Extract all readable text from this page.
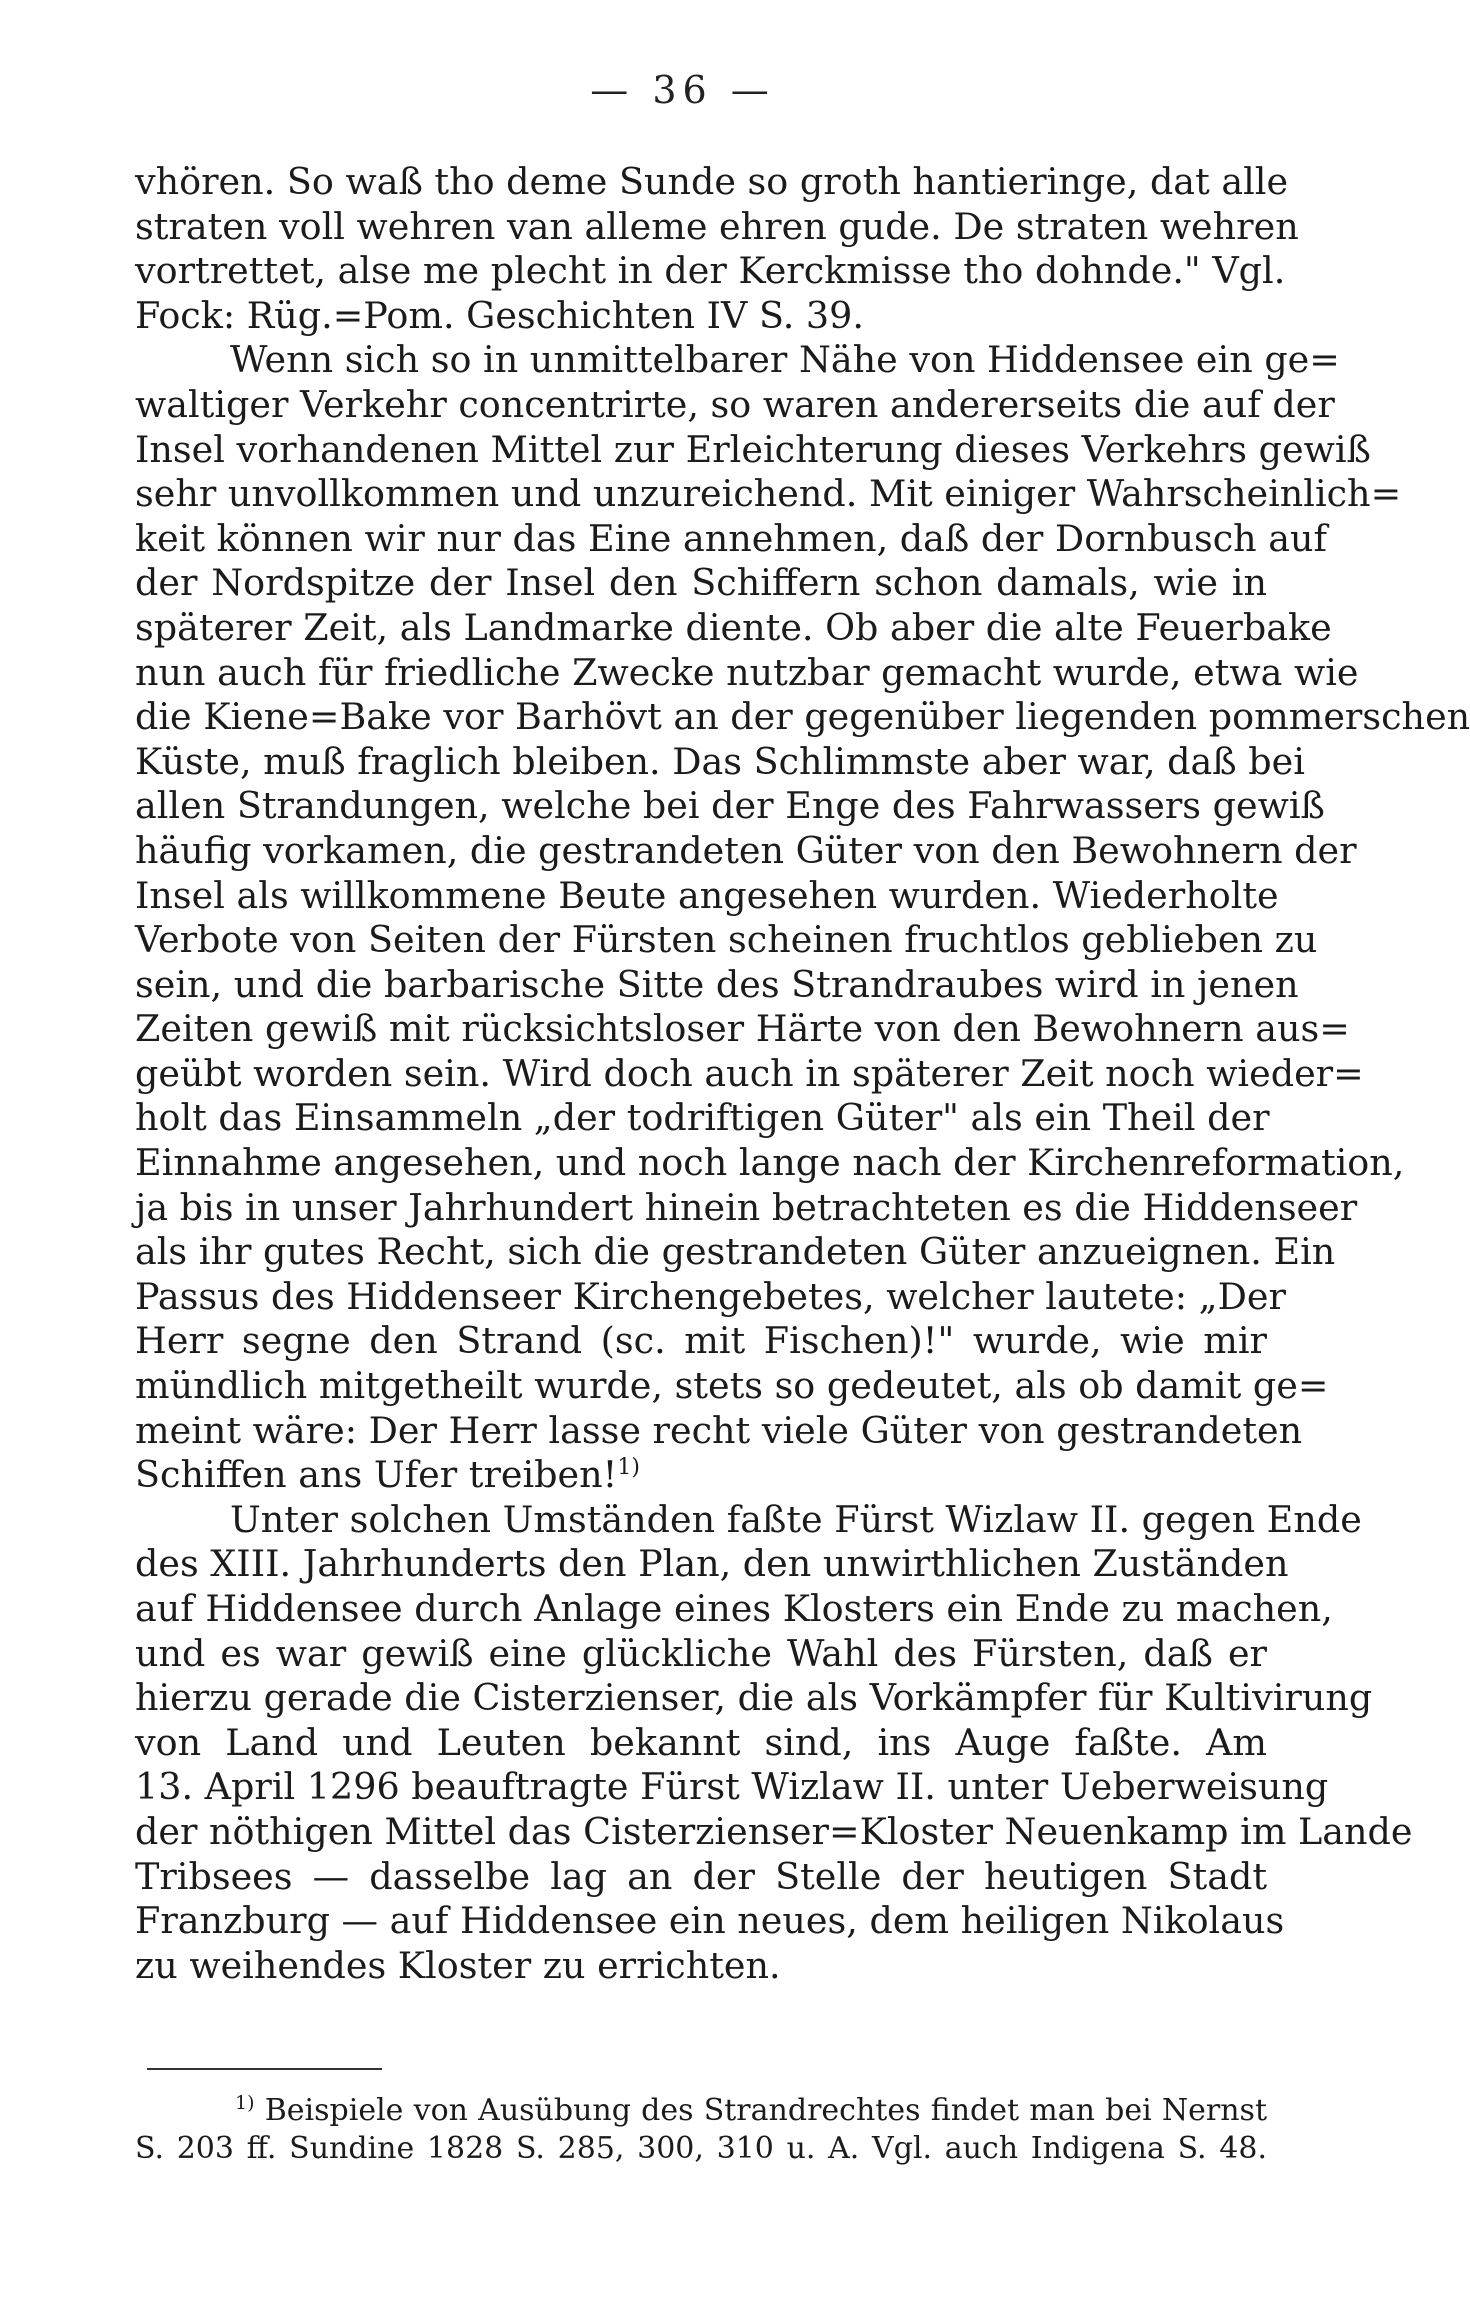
— 36 —
vhören. So waß tho deme Sunde so groth hantieringe, dat alle
straten voll wehren van alleme ehren gude. De straten wehren
vortrettet, alse me plecht in der Kerckmisse tho dohnde." Vgl.
Fock: Rüg.=Pom. Geschichten IV S. 39.
Wenn sich so in unmittelbarer Nähe von Hiddensee ein ge=
waltiger Verkehr concentrirte, so waren andererseits die auf der
Insel vorhandenen Mittel zur Erleichterung dieses Verkehrs gewiß
sehr unvollkommen und unzureichend. Mit einiger Wahrscheinlich=
keit können wir nur das Eine annehmen, daß der Dornbusch auf
der Nordspitze der Insel den Schiffern schon damals, wie in
späterer Zeit, als Landmarke diente. Ob aber die alte Feuerbake
nun auch für friedliche Zwecke nutzbar gemacht wurde, etwa wie
die Kiene=Bake vor Barhövt an der gegenüber liegenden pommerschen
Küste, muß fraglich bleiben. Das Schlimmste aber war, daß bei
allen Strandungen, welche bei der Enge des Fahrwassers gewiß
häufig vorkamen, die gestrandeten Güter von den Bewohnern der
Insel als willkommene Beute angesehen wurden. Wiederholte
Verbote von Seiten der Fürsten scheinen fruchtlos geblieben zu
sein, und die barbarische Sitte des Strandraubes wird in jenen
Zeiten gewiß mit rücksichtsloser Härte von den Bewohnern aus=
geübt worden sein. Wird doch auch in späterer Zeit noch wieder=
holt das Einsammeln „der todriftigen Güter" als ein Theil der
Einnahme angesehen, und noch lange nach der Kirchenreformation,
ja bis in unser Jahrhundert hinein betrachteten es die Hiddenseer
als ihr gutes Recht, sich die gestrandeten Güter anzueignen. Ein
Passus des Hiddenseer Kirchengebetes, welcher lautete: „Der
Herr segne den Strand (sc. mit Fischen)!" wurde, wie mir
mündlich mitgetheilt wurde, stets so gedeutet, als ob damit ge=
meint wäre: Der Herr lasse recht viele Güter von gestrandeten
Schiffen ans Ufer treiben!$^{1)}$
Unter solchen Umständen faßte Fürst Wizlaw II. gegen Ende
des XIII. Jahrhunderts den Plan, den unwirthlichen Zuständen
auf Hiddensee durch Anlage eines Klosters ein Ende zu machen,
und es war gewiß eine glückliche Wahl des Fürsten, daß er
hierzu gerade die Cisterzienser, die als Vorkämpfer für Kultivirung
von Land und Leuten bekannt sind, ins Auge faßte. Am
13. April 1296 beauftragte Fürst Wizlaw II. unter Ueberweisung
der nöthigen Mittel das Cisterzienser=Kloster Neuenkamp im Lande
Tribsees — dasselbe lag an der Stelle der heutigen Stadt
Franzburg — auf Hiddensee ein neues, dem heiligen Nikolaus
zu weihendes Kloster zu errichten.
$^{1)}$ Beispiele von Ausübung des Strandrechtes findet man bei Nernst
S. 203 ff. Sundine 1828 S. 285, 300, 310 u. A. Vgl. auch Indigena S. 48.
